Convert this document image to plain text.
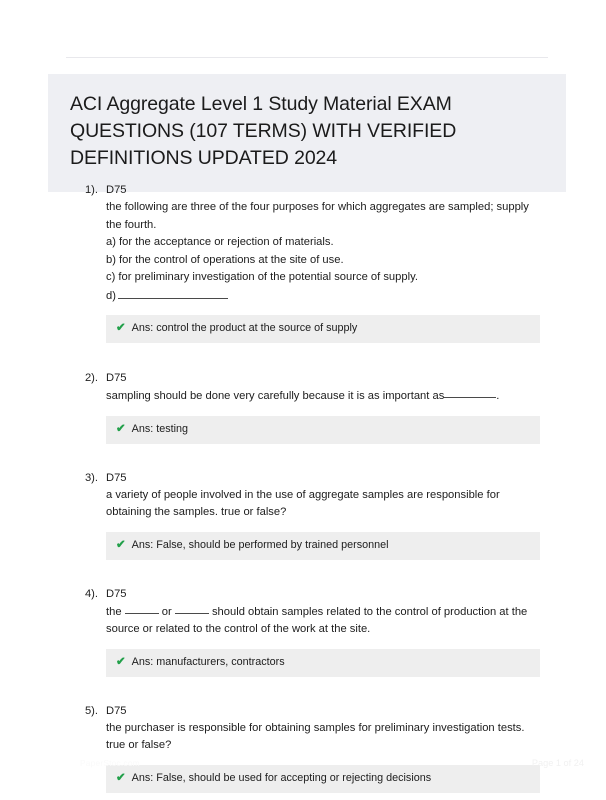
ACI Aggregate Level 1 Study Material EXAM QUESTIONS (107 TERMS) WITH VERIFIED DEFINITIONS UPDATED 2024
1). D75
the following are three of the four purposes for which aggregates are sampled; supply the fourth.
a) for the acceptance or rejection of materials.
b) for the control of operations at the site of use.
c) for preliminary investigation of the potential source of supply.
d)
✔ Ans: control the product at the source of supply
2). D75
sampling should be done very carefully because it is as important as	.
✔ Ans: testing
3). D75
a variety of people involved in the use of aggregate samples are responsible for obtaining the samples. true or false?
✔ Ans: False, should be performed by trained personnel
4). D75
the	or	should obtain samples related to the control of production at the source or related to the control of the work at the site.
✔ Ans: manufacturers, contractors
5). D75
the purchaser is responsible for obtaining samples for preliminary investigation tests. true or false?
✔ Ans: False, should be used for accepting or rejecting decisions
PaperStoc.com	Page 1 of 24
